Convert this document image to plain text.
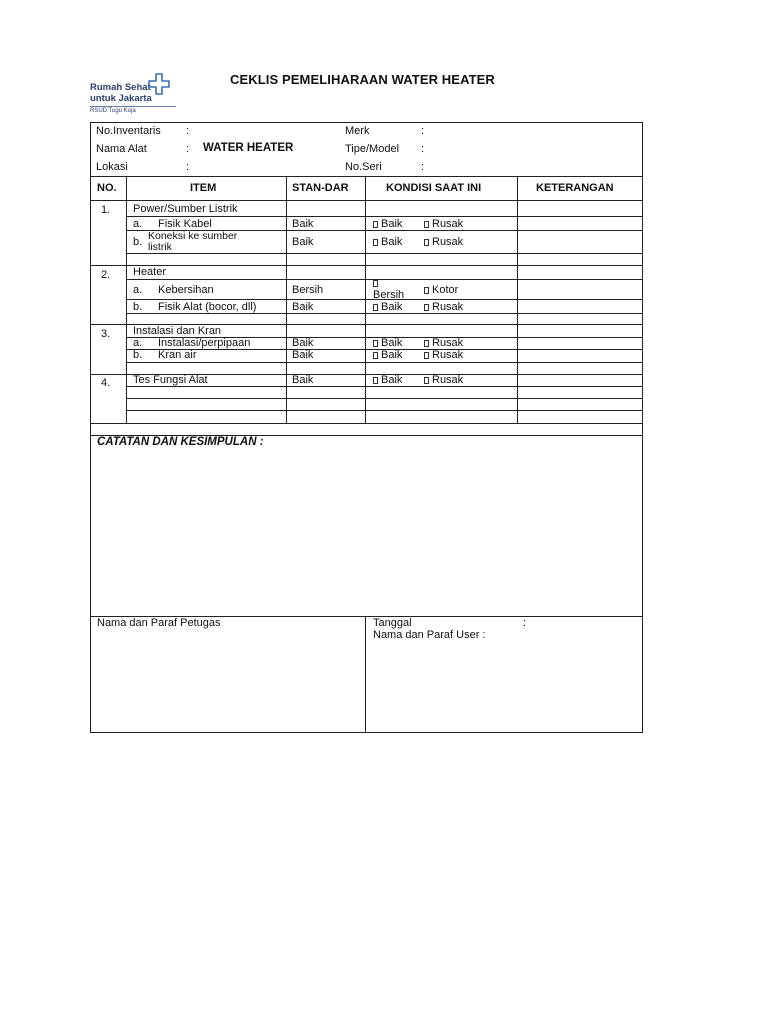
Rumah Sehat
untuk Jakarta
RSUD Tugu Koja
CEKLIS PEMELIHARAAN WATER HEATER
No.Inventaris :	Merk	:
Nama Alat	: WATER HEATER	Tipe/Model :
Lokasi	:	No.Seri	:
NO.	ITEM	STAN-DAR	KONDISI SAAT INI	KETERANGAN
1. Power/Sumber Listrik
a. Fisik Kabel	Baik	Baik	Rusak
b. Koneksi ke sumber
listrik	Baik	Baik	Rusak
2. Heater
a. Kebersihan	Bersih	Bersih	Kotor
b. Fisik Alat (bocor, dll)	Baik	Baik	Rusak
3. Instalasi dan Kran
a. Instalasi/perpipaan	Baik	Baik	Rusak
b. Kran air	Baik	Baik	Rusak
4. Tes Fungsi Alat	Baik	Baik	Rusak
CATATAN DAN KESIMPULAN :
Nama dan Paraf Petugas	Tanggal	:
Nama dan Paraf User :
